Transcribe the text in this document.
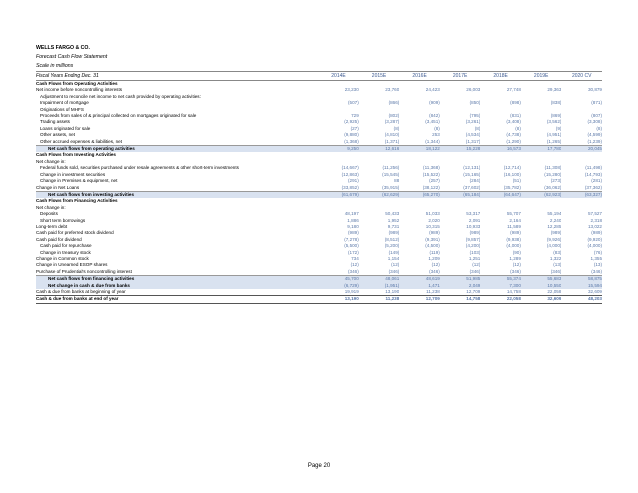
WELLS FARGO & CO.
Forecast Cash Flow Statement
Scale in millions
Fiscal Years Ending Dec. 31	2014E	2015E	2016E	2017E	2018E	2019E	2020 CV
Cash Flows from Operating Activities							
Net income before noncontrolling interests	23,230	23,760	24,423	26,003	27,748	29,363	30,879
Adjustment to reconcile net income to net cash provided by operating activities:							
Impairment of mortgage	(507)	(866)	(909)	(850)	(898)	(838)	(871)
Originations of MHFS							
Proceeds from sales of & principal collected on mortgages originated for sale	729	(802)	(842)	(795)	(831)	(869)	(807)
Trading assets	(2,925)	(3,287)	(3,451)	(3,261)	(3,408)	(3,562)	(3,308)
Loans originated for sale	(27)	(8)	(8)	(8)	(8)	(9)	(8)
Other assets, net	(9,880)	(4,810)	253	(4,534)	(4,738)	(4,951)	(4,599)
Other accrued expenses & liabilities, net	(1,368)	(1,371)	(1,344)	(1,317)	(1,290)	(1,265)	(1,239)
Net cash flows from operating activities	9,250	12,616	18,122	15,228	16,573	17,780	20,045
Cash Flows from Investing Activities							
Net change in:							
Federal funds sold, securities purchased under resale agreements & other short-term investments	(14,667)	(11,256)	(11,368)	(12,131)	(12,714)	(11,308)	(11,498)
Change in investment securities	(12,863)	(15,545)	(15,522)	(15,165)	(16,100)	(15,280)	(14,793)
Change in Premises & equipment, net	(291)	88	(257)	(284)	(51)	(273)	(281)
Change in Net Loans	(33,852)	(35,915)	(38,122)	(37,602)	(35,782)	(36,062)	(37,362)
Net cash flows from investing activities	(61,679)	(62,629)	(65,270)	(65,184)	(64,647)	(62,923)	(63,327)
Cash Flows from Financing Activities							
Net change in:							
Deposits	48,197	50,433	51,033	53,317	55,707	55,194	57,527
Short term borrowings	1,886	1,952	2,020	2,091	2,164	2,240	2,318
Long-term debt	9,180	9,731	10,315	10,933	11,589	12,285	13,022
Cash paid for preferred stock dividend	(989)	(989)	(989)	(989)	(989)	(989)	(989)
Cash paid for dividend	(7,278)	(8,512)	(9,391)	(9,857)	(9,938)	(9,926)	(9,920)
Cash paid for repurchase	(5,500)	(5,200)	(4,500)	(4,200)	(4,000)	(4,000)	(4,000)
Change in treasury stock	(172)	(149)	(119)	(103)	(90)	(83)	(76)
Change in Common stock	734	1,154	1,209	1,251	1,289	1,322	1,355
Change in Unearned ESOP shares	(12)	(12)	(12)	(12)	(12)	(13)	(13)
Purchase of Prudential's noncontrolling interest	(346)	(346)	(346)	(346)	(346)	(346)	(346)
Net cash flows from financing activities	45,700	48,061	48,619	51,985	55,374	55,683	58,875
Net change in cash & due from banks	(6,729)	(1,951)	1,471	2,049	7,300	10,550	15,594
Cash & due from banks at beginning of year	19,919	13,190	11,238	12,709	14,758	22,058	32,609
Cash & due from banks at end of year	13,190	11,238	12,709	14,758	22,058	32,609	48,203
Page 20
